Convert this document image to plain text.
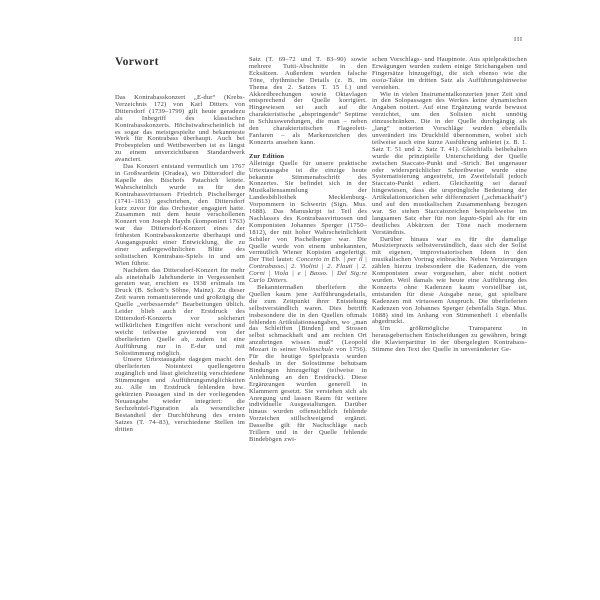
III
Vorwort

Das Kontrabasskonzert „E-dur“ (Krebs-Verzeichnis 172) von Karl Ditters von Dittersdorf (1739–1799) gilt heute geradezu als Inbegriff des klassischen Kontrabasskonzerts. Höchstwahrscheinlich ist es sogar das meistgespielte und bekannteste Werk für Kontrabass überhaupt. Auch bei Probespielen und Wettbewerben ist es längst zu einem unverzichtbaren Standardwerk avanciert.

Das Konzert entstand vermutlich um 1767 in Großwardein (Oradea), wo Dittersdorf die Kapelle des Bischofs Patachich leitete. Wahrscheinlich wurde es für den Kontrabassvirtuosen Friedrich Pischelberger (1741–1813) geschrieben, den Dittersdorf kurz zuvor für das Orchester engagiert hatte. Zusammen mit dem heute verschollenen Konzert von Joseph Haydn (komponiert 1763) war das Dittersdorf-Konzert eines der frühesten Kontrabasskonzerte überhaupt und Ausgangspunkt einer Entwicklung, die zu einer außergewöhnlichen Blüte des solistischen Kontrabass-Spiels in und um Wien führte.

Nachdem das Dittersdorf-Konzert für mehr als eineinhalb Jahrhunderte in Vergessenheit geraten war, erschien es 1938 erstmals im Druck (B. Schott’s Söhne, Mainz). Zu dieser Zeit waren romantisierende und großzügig die Quelle „verbessernde“ Bearbeitungen üblich. Leider blieb auch der Erstdruck des Dittersdorf-Konzerts vor solcherart willkürlichen Eingriffen nicht verschont und weicht teilweise gravierend von der überlieferten Quelle ab, zudem ist eine Aufführung nur in E-dur und mit Solostimmung möglich.

Unsere Urtextausgabe dagegen macht den überlieferten Notentext quellengetreu zugänglich und lässt gleichzeitig verschiedene Stimmungen und Aufführungsmöglichkeiten zu. Alle im Erstdruck fehlenden bzw. gekürzten Passagen sind in der vorliegenden Neuausgabe wieder integriert: die Sechzehntel-Figuration als wesentlicher Bestandteil der Durchführung des ersten Satzes (T. 74–83), verschiedene Stellen im dritten

Satz (T. 69–72 und T. 83–90) sowie mehrere Tutti-Abschnitte in den Ecksätzen. Außerdem wurden falsche Töne, rhythmische Details (z. B. im Thema des 2. Satzes T. 15 f.) und Akkordbrechungen sowie Oktavlagen entsprechend der Quelle korrigiert. Hingewiesen sei auch auf die charakteristische „abspringende“ Septime in Schlusswendungen, die man – neben den charakteristischen Flageolett-Fanfaren – als Markenzeichen des Konzerts ansehen kann.

Zur Edition

Alleinige Quelle für unsere praktische Urtextausgabe ist die einzige heute bekannte Stimmenabschrift des Konzertes. Sie befindet sich in der Musikaliensammlung der Landesbibliothek Mecklenburg-Vorpommern in Schwerin (Sign. Mus. 1688). Das Manuskript ist Teil des Nachlasses des Kontrabassvirtuosen und Komponisten Johannes Sperger (1750–1812), der mit hoher Wahrscheinlichkeit Schüler von Pischelberger war. Die Quelle wurde von einem unbekannten, vermutlich Wiener Kopisten angefertigt. Der Titel lautet: Concerto in Eb. | per il | Contrabasso.| 2. Violini | 2. Flauti | 2. Corni | Viola | e | Basso. | Del Sig:re Carlo Ditters.

Bekanntermaßen überliefern die Quellen kaum jene Aufführungsdetails, die zum Zeitpunkt ihrer Entstehung selbstverständlich waren. Dies betrifft insbesondere die in den Quellen oftmals fehlenden Artikulationsangaben, wo „man das Schleiffen [Binden] und Stossen selbst schmackhaft und am rechten Ort anzubringen wissen muß“ (Leopold Mozart in seiner Violinschule von 1756). Für die heutige Spielpraxis wurden deshalb in der Solostimme behutsam Bindungen hinzugefügt (teilweise in Anlehnung an den Erstdruck). Diese Ergänzungen wurden generell in Klammern gesetzt. Sie verstehen sich als Anregung und lassen Raum für weitere individuelle Ausgestaltungen. Darüber hinaus wurden offensichtlich fehlende Vorzeichen stillschweigend ergänzt. Dasselbe gilt für Nachschläge nach Trillern und in der Quelle fehlende Bindebögen zwi-

schen Vorschlags- und Hauptnote. Aus spielpraktischen Erwägungen wurden zudem einige Strichangaben und Fingersätze hinzugefügt, die sich ebenso wie die ossia-Takte im dritten Satz als Aufführungshinweise verstehen.

Wie in vielen Instrumentalkonzerten jener Zeit sind in den Solopassagen des Werkes keine dynamischen Angaben notiert. Auf eine Ergänzung wurde bewusst verzichtet, um den Solisten nicht unnötig einzuschränken. Die in der Quelle durchgängig als „lang“ notierten Vorschläge wurden ebenfalls unverändert ins Druckbild übernommen, wobei sich teilweise auch eine kurze Ausführung anbietet (z. B. 1. Satz T. 51 und 2. Satz T. 41). Gleichfalls beibehalten wurde die prinzipielle Unterscheidung der Quelle zwischen Staccato-Punkt und -Strich. Bei ungenauer oder widersprüchlicher Schreibweise wurde eine Systematisierung angestrebt, im Zweifelsfall jedoch Staccato-Punkt ediert. Gleichzeitig sei darauf hingewiesen, dass die ursprüngliche Bedeutung der Artikulationszeichen sehr differenziert („schmackhaft“) und auf den musikalischen Zusammenhang bezogen war. So stehen Staccatozeichen beispielsweise im langsamen Satz eher für non legato-Spiel als für ein deutliches Abkürzen der Töne nach modernem Verständnis.

Darüber hinaus war es für die damalige Musizierpraxis selbstverständlich, dass sich der Solist mit eigenen, improvisatorischen Ideen in den musikalischen Vortrag einbrachte. Neben Verzierungen zählen hierzu insbesondere die Kadenzen, die vom Komponisten zwar vorgesehen, aber nicht notiert wurden. Weil damals wie heute eine Aufführung des Konzerts ohne Kadenzen kaum vorstellbar ist, entstanden für diese Ausgabe neue, gut spielbare Kadenzen mit virtuosem Anspruch. Die überlieferten Kadenzen von Johannes Sperger (ebenfalls Sign. Mus. 1688) sind im Anhang von Stimmenheft 1 ebenfalls abgedruckt.

Um größtmögliche Transparenz in herausgeberischen Entscheidungen zu gewähren, bringt die Klavierpartitur in der übergelegten Kontrabass-Stimme den Text der Quelle in unveränderter Ge-
